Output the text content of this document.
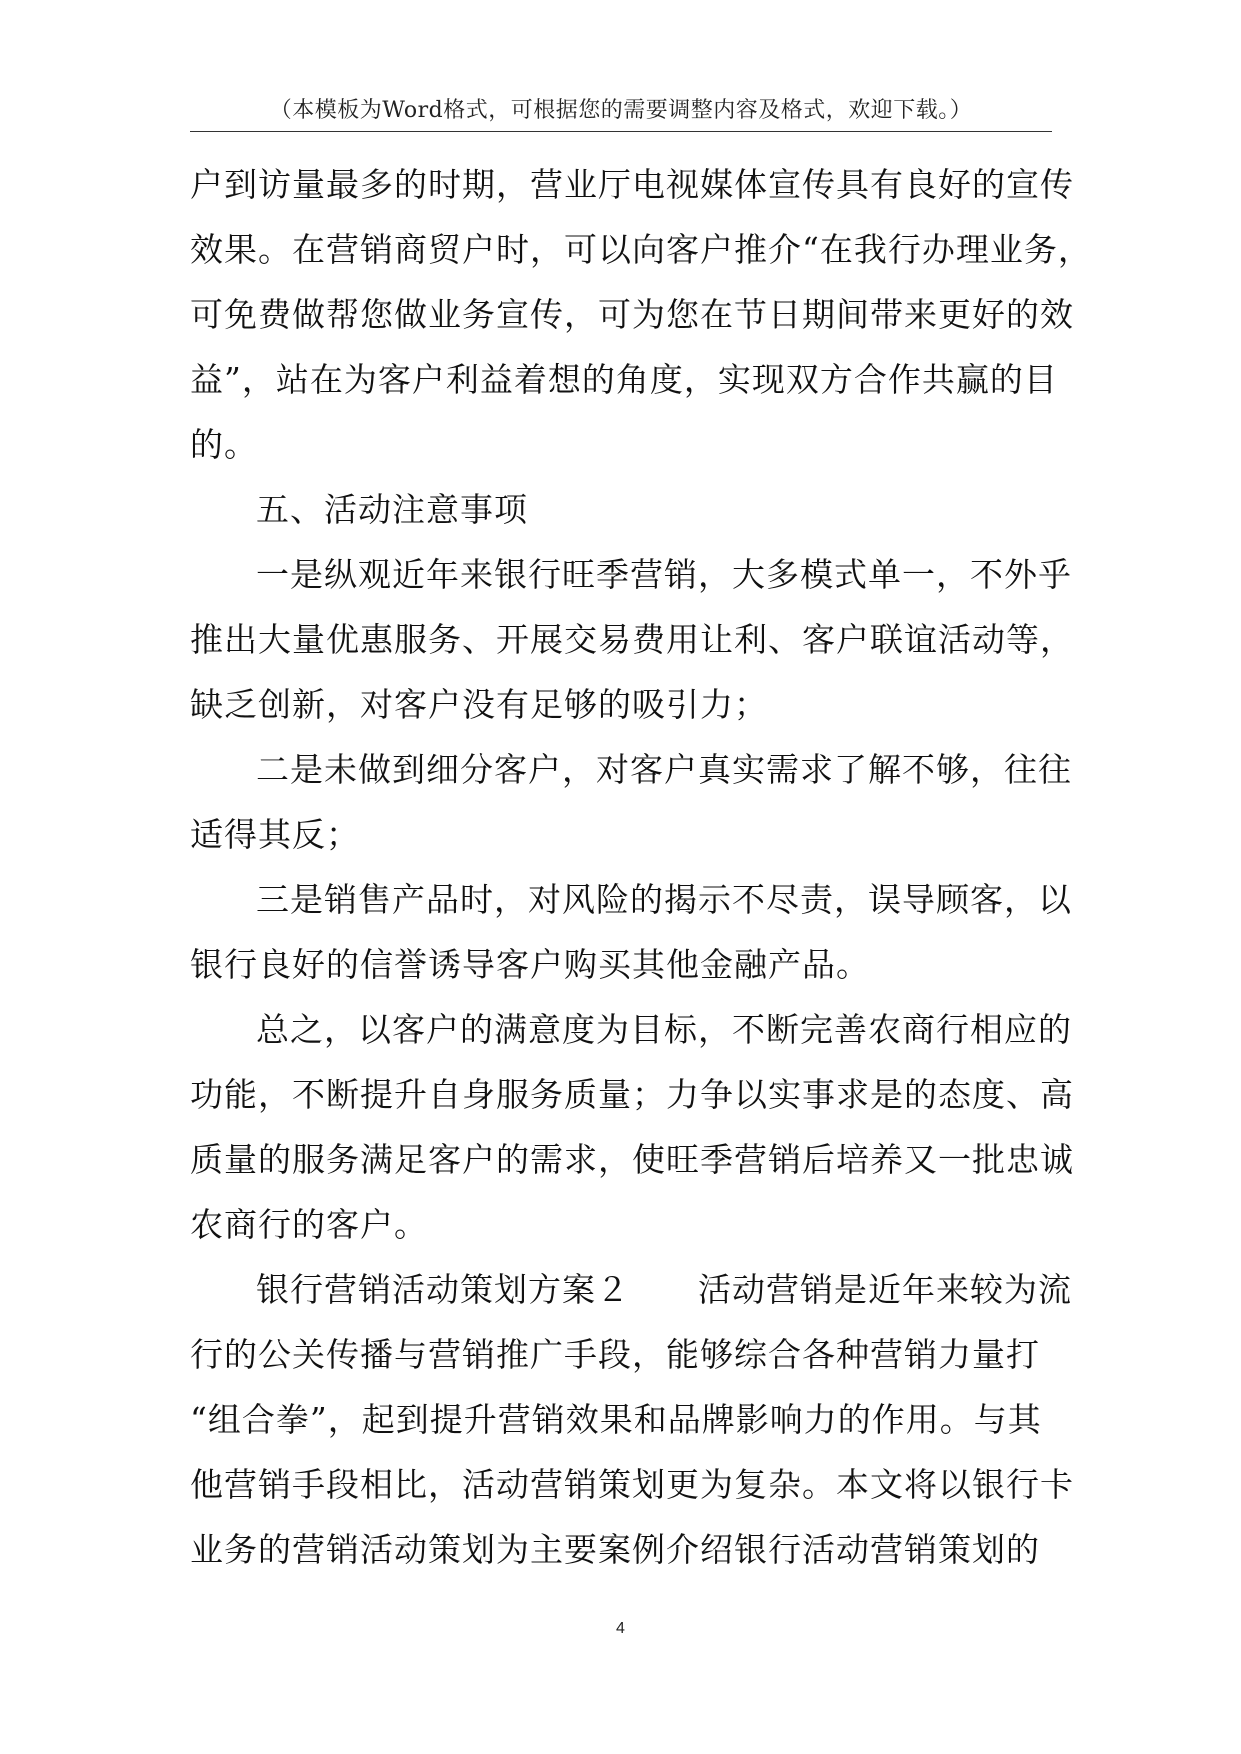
（本模板为Word格式，可根据您的需要调整内容及格式，欢迎下载。）
户到访量最多的时期，营业厅电视媒体宣传具有良好的宣传
效果。在营销商贸户时，可以向客户推介“在我行办理业务，
可免费做帮您做业务宣传，可为您在节日期间带来更好的效
益”，站在为客户利益着想的角度，实现双方合作共赢的目
的。
五、活动注意事项
一是纵观近年来银行旺季营销，大多模式单一，不外乎
推出大量优惠服务、开展交易费用让利、客户联谊活动等，
缺乏创新，对客户没有足够的吸引力；
二是未做到细分客户，对客户真实需求了解不够，往往
适得其反；
三是销售产品时，对风险的揭示不尽责，误导顾客，以
银行良好的信誉诱导客户购买其他金融产品。
总之，以客户的满意度为目标，不断完善农商行相应的
功能，不断提升自身服务质量；力争以实事求是的态度、高
质量的服务满足客户的需求，使旺季营销后培养又一批忠诚
农商行的客户。
银行营销活动策划方案２　　活动营销是近年来较为流
行的公关传播与营销推广手段，能够综合各种营销力量打
“组合拳”，起到提升营销效果和品牌影响力的作用。与其
他营销手段相比，活动营销策划更为复杂。本文将以银行卡
业务的营销活动策划为主要案例介绍银行活动营销策划的
4
